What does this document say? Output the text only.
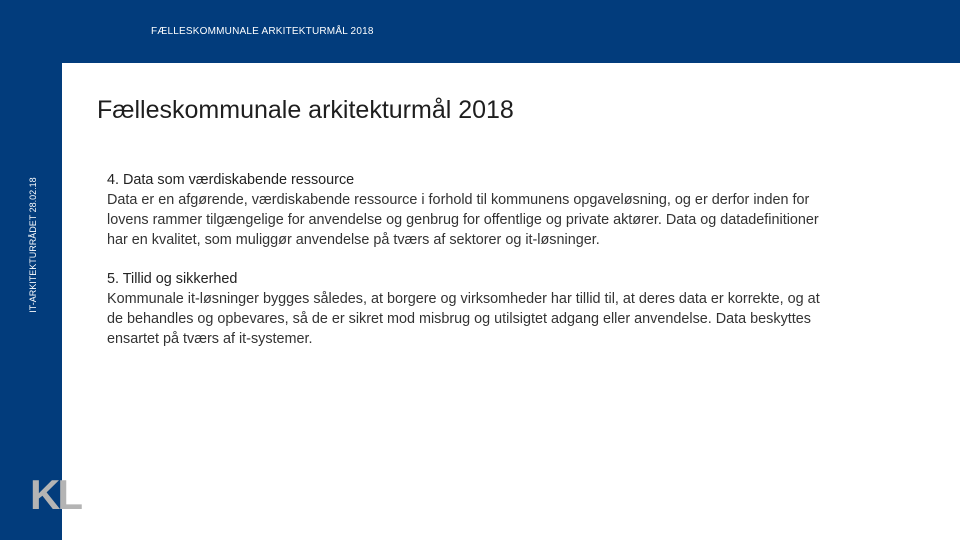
FÆLLESKOMMUNALE ARKITEKTURMÅL 2018
IT-ARKITEKTURRÅDET 28.02.18
KL
Fælleskommunale arkitekturmål 2018
4. Data som værdiskabende ressource
Data er en afgørende, værdiskabende ressource i forhold til kommunens opgaveløsning, og er derfor inden for lovens rammer tilgængelige for anvendelse og genbrug for offentlige og private aktører. Data og datadefinitioner har en kvalitet, som muliggør anvendelse på tværs af sektorer og it-løsninger.
5. Tillid og sikkerhed
Kommunale it-løsninger bygges således, at borgere og virksomheder har tillid til, at deres data er korrekte, og at de behandles og opbevares, så de er sikret mod misbrug og utilsigtet adgang eller anvendelse. Data beskyttes ensartet på tværs af it-systemer.
